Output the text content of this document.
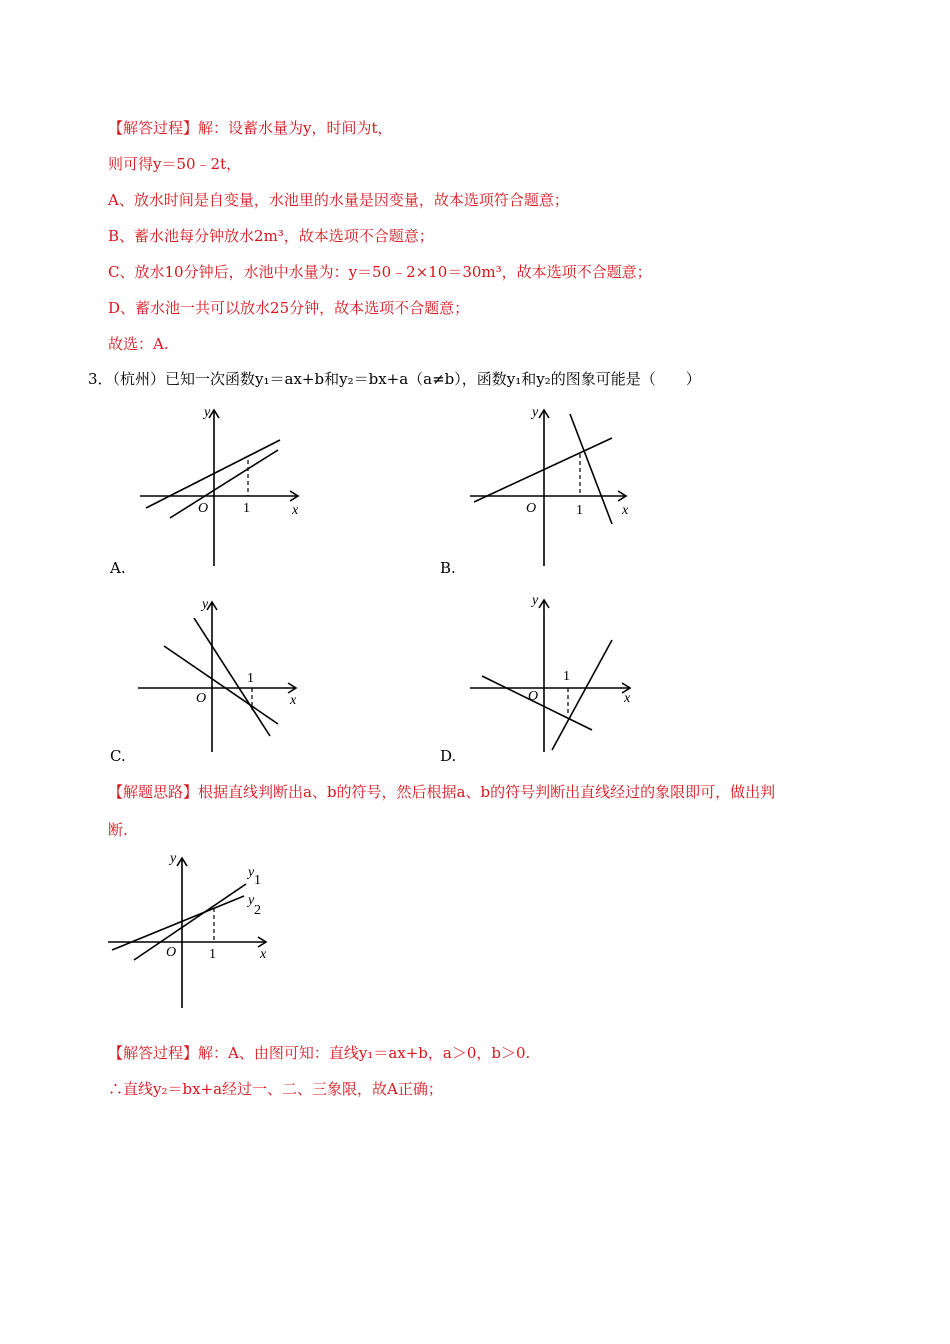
【解答过程】解：设蓄水量为y，时间为t，
则可得y＝50﹣2t，
A、放水时间是自变量，水池里的水量是因变量，故本选项符合题意；
B、蓄水池每分钟放水2m³，故本选项不合题意；
C、放水10分钟后，水池中水量为：y＝50﹣2×10＝30m³，故本选项不合题意；
D、蓄水池一共可以放水25分钟，故本选项不合题意；
故选：A.
3．（杭州）已知一次函数y₁＝ax+b和y₂＝bx+a（a≠b），函数y₁和y₂的图象可能是（　　）
y
x
O 1
A.
y
x
O	1
B.
y
x
O
1
C.
y
x
O
1
D.
【解题思路】根据直线判断出a、b的符号，然后根据a、b的符号判断出直线经过的象限即可，做出判
断.
y
x
O 1
y
1
y
2
【解答过程】解：A、由图可知：直线y₁＝ax+b，a＞0，b＞0.
∴直线y₂＝bx+a经过一、二、三象限，故A正确；
